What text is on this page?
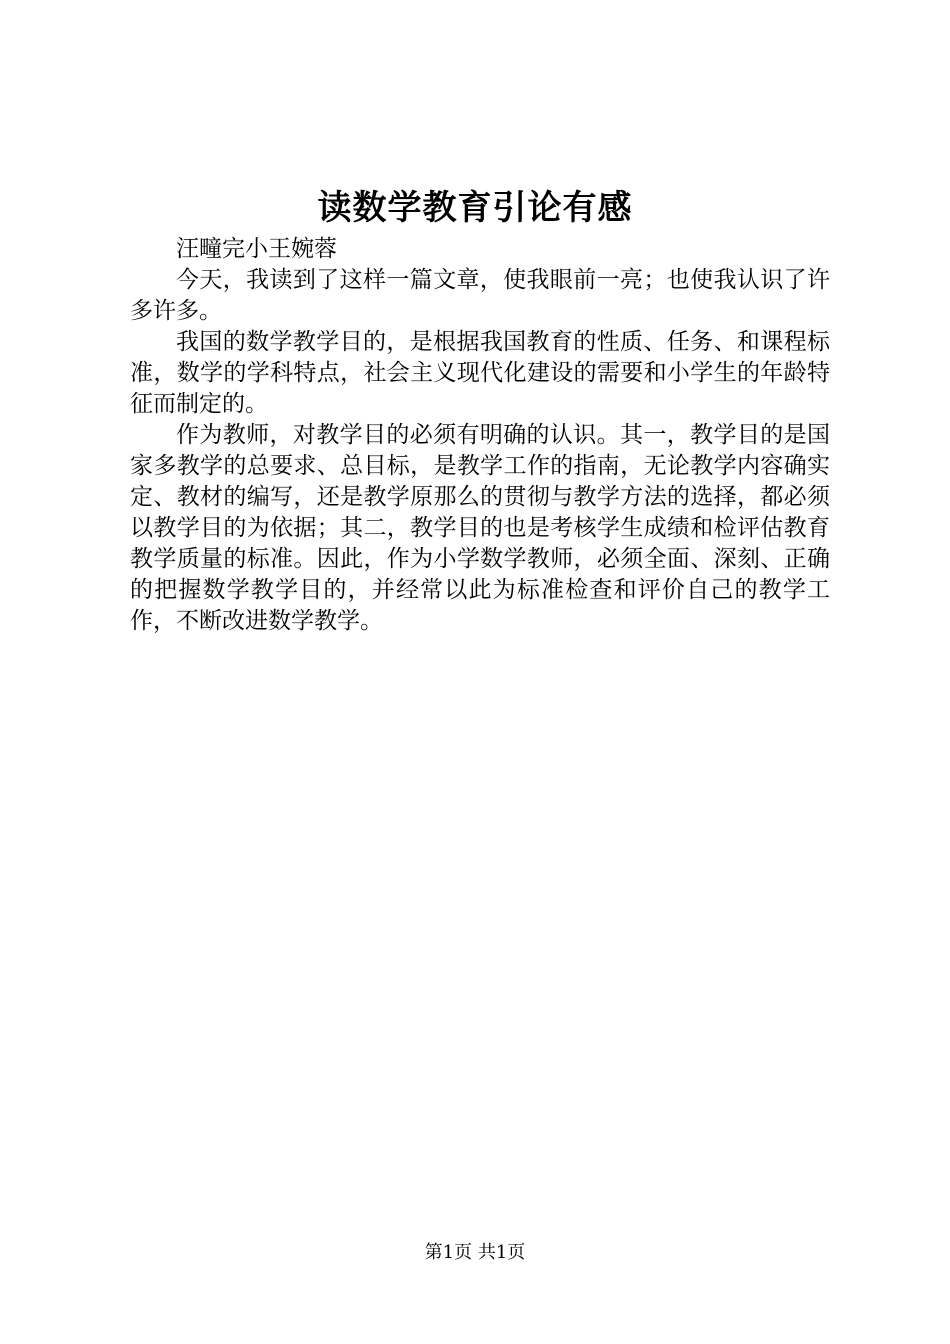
读数学教育引论有感

汪疃完小王婉蓉

今天，我读到了这样一篇文章，使我眼前一亮；也使我认识了许多许多。

我国的数学教学目的，是根据我国教育的性质、任务、和课程标准，数学的学科特点，社会主义现代化建设的需要和小学生的年龄特征而制定的。

作为教师，对教学目的必须有明确的认识。其一，教学目的是国家多教学的总要求、总目标，是教学工作的指南，无论教学内容确实定、教材的编写，还是教学原那么的贯彻与教学方法的选择，都必须以教学目的为依据；其二，教学目的也是考核学生成绩和检评估教育教学质量的标准。因此，作为小学数学教师，必须全面、深刻、正确的把握数学教学目的，并经常以此为标准检查和评价自己的教学工作，不断改进数学教学。

第1页 共1页
